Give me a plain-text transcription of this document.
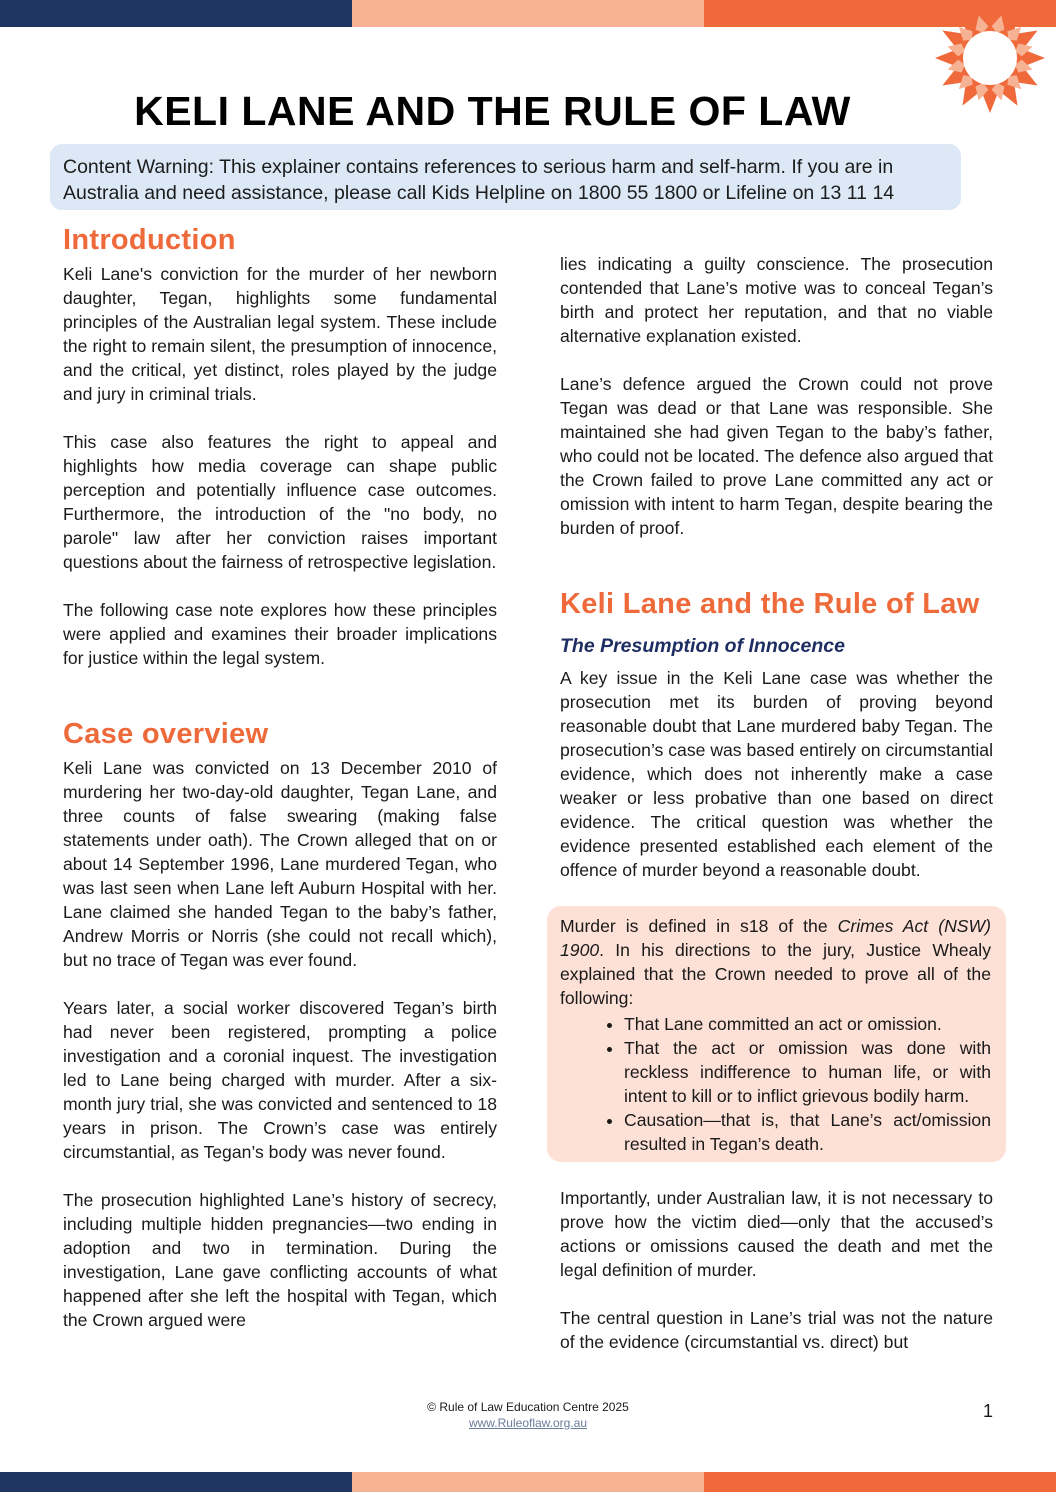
KELI LANE AND THE RULE OF LAW
Content Warning: This explainer contains references to serious harm and self-harm. If you are in Australia and need assistance, please call Kids Helpline on 1800 55 1800 or Lifeline on 13 11 14
Introduction

Keli Lane's conviction for the murder of her newborn daughter, Tegan, highlights some fundamental principles of the Australian legal system. These include the right to remain silent, the presumption of innocence, and the critical, yet distinct, roles played by the judge and jury in criminal trials.

This case also features the right to appeal and highlights how media coverage can shape public perception and potentially influence case outcomes. Furthermore, the introduction of the "no body, no parole" law after her conviction raises important questions about the fairness of retrospective legislation.

The following case note explores how these principles were applied and examines their broader implications for justice within the legal system.

Case overview

Keli Lane was convicted on 13 December 2010 of murdering her two-day-old daughter, Tegan Lane, and three counts of false swearing (making false statements under oath). The Crown alleged that on or about 14 September 1996, Lane murdered Tegan, who was last seen when Lane left Auburn Hospital with her. Lane claimed she handed Tegan to the baby’s father, Andrew Morris or Norris (she could not recall which), but no trace of Tegan was ever found.

Years later, a social worker discovered Tegan’s birth had never been registered, prompting a police investigation and a coronial inquest. The investigation led to Lane being charged with murder. After a six-month jury trial, she was convicted and sentenced to 18 years in prison. The Crown’s case was entirely circumstantial, as Tegan’s body was never found.

The prosecution highlighted Lane’s history of secrecy, including multiple hidden pregnancies—two ending in adoption and two in termination. During the investigation, Lane gave conflicting accounts of what happened after she left the hospital with Tegan, which the Crown argued were

lies indicating a guilty conscience. The prosecution contended that Lane’s motive was to conceal Tegan’s birth and protect her reputation, and that no viable alternative explanation existed.

Lane’s defence argued the Crown could not prove Tegan was dead or that Lane was responsible. She maintained she had given Tegan to the baby’s father, who could not be located. The defence also argued that the Crown failed to prove Lane committed any act or omission with intent to harm Tegan, despite bearing the burden of proof.

Keli Lane and the Rule of Law
The Presumption of Innocence

A key issue in the Keli Lane case was whether the prosecution met its burden of proving beyond reasonable doubt that Lane murdered baby Tegan. The prosecution’s case was based entirely on circumstantial evidence, which does not inherently make a case weaker or less probative than one based on direct evidence. The critical question was whether the evidence presented established each element of the offence of murder beyond a reasonable doubt.

Murder is defined in s18 of the Crimes Act (NSW) 1900. In his directions to the jury, Justice Whealy explained that the Crown needed to prove all of the following:

• That Lane committed an act or omission.
• That the act or omission was done with reckless indifference to human life, or with intent to kill or to inflict grievous bodily harm.
• Causation—that is, that Lane’s act/omission resulted in Tegan’s death.

Importantly, under Australian law, it is not necessary to prove how the victim died—only that the accused’s actions or omissions caused the death and met the legal definition of murder.

The central question in Lane’s trial was not the nature of the evidence (circumstantial vs. direct) but

© Rule of Law Education Centre 2025
www.Ruleoflaw.org.au
1
